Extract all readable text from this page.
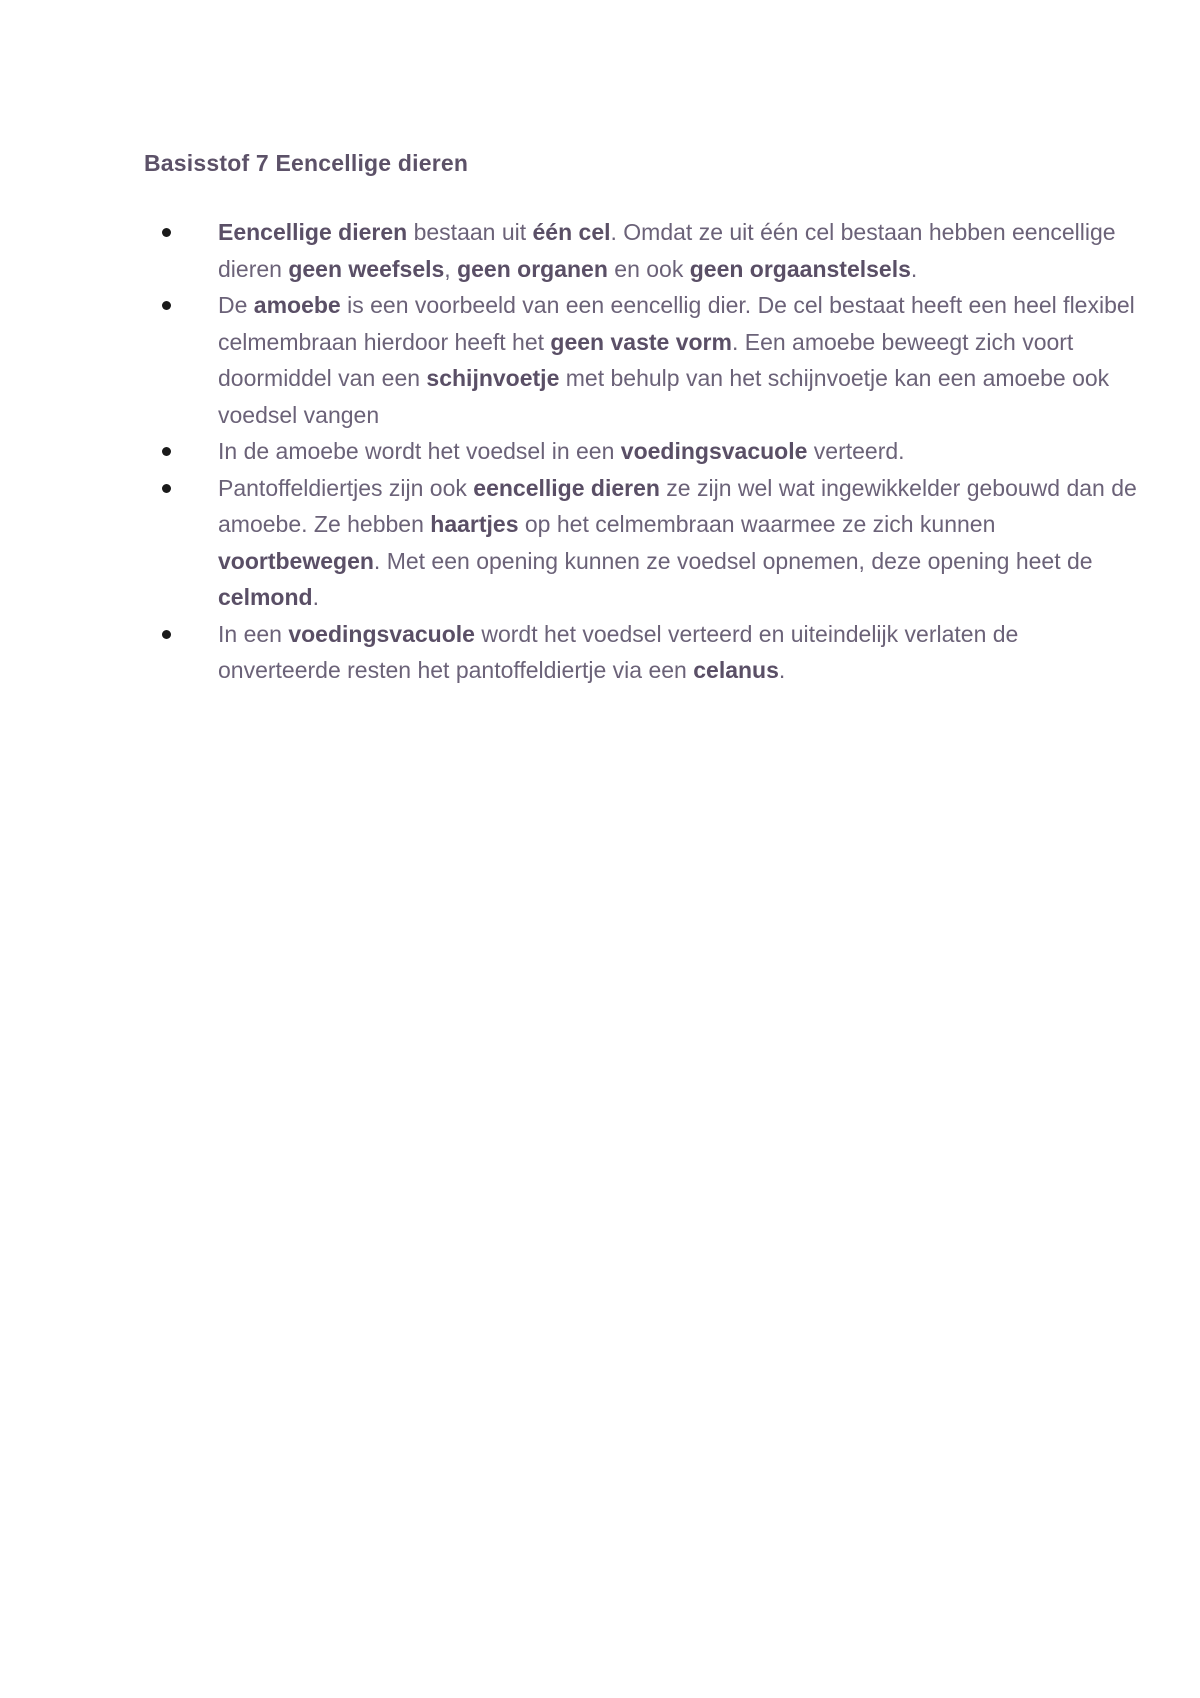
Basisstof 7 Eencellige dieren
Eencellige dieren bestaan uit één cel. Omdat ze uit één cel bestaan hebben eencellige dieren geen weefsels, geen organen en ook geen orgaanstelsels.
De amoebe is een voorbeeld van een eencellig dier. De cel bestaat heeft een heel flexibel celmembraan hierdoor heeft het geen vaste vorm. Een amoebe beweegt zich voort doormiddel van een schijnvoetje met behulp van het schijnvoetje kan een amoebe ook voedsel vangen
In de amoebe wordt het voedsel in een voedingsvacuole verteerd.
Pantoffeldiertjes zijn ook eencellige dieren ze zijn wel wat ingewikkelder gebouwd dan de amoebe. Ze hebben haartjes op het celmembraan waarmee ze zich kunnen voortbewegen. Met een opening kunnen ze voedsel opnemen, deze opening heet de celmond.
In een voedingsvacuole wordt het voedsel verteerd en uiteindelijk verlaten de onverteerde resten het pantoffeldiertje via een celanus.
